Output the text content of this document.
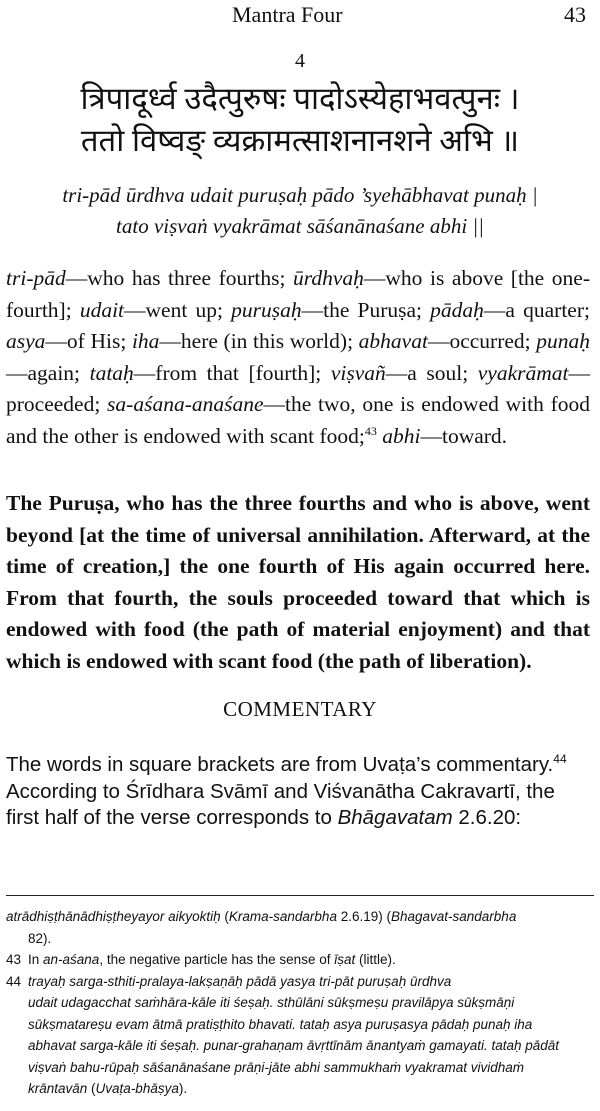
Mantra Four	43
4
त्रिपादूर्ध्व उदैत्पुरुषः पादोऽस्येहाभवत्पुनः ।
ततो विष्वङ् व्यक्रामत्साशनानशने अभि ॥
tri-pād ūrdhva udait puruṣaḥ pādo ’syehābhavat punaḥ |
tato viṣvaṅ vyakrāmat sāśanānaśane abhi ||
tri-pād—who has three fourths; ūrdhvaḥ—who is above [the one-fourth]; udait—went up; puruṣaḥ—the Puruṣa; pādaḥ—a quarter; asya—of His; iha—here (in this world); abhavat—occurred; punaḥ—again; tataḥ—from that [fourth]; viṣvañ—a soul; vyakrāmat—proceeded; sa-aśana-anaśane—the two, one is endowed with food and the other is endowed with scant food;$^{43}$ abhi—toward.
The Puruṣa, who has the three fourths and who is above, went beyond [at the time of universal annihilation. Afterward, at the time of creation,] the one fourth of His again occurred here. From that fourth, the souls proceeded toward that which is endowed with food (the path of material enjoyment) and that which is endowed with scant food (the path of liberation).
COMMENTARY
The words in square brackets are from Uvaṭa’s commentary.$^{44}$
According to Śrīdhara Svāmī and Viśvanātha Cakravartī, the
first half of the verse corresponds to Bhāgavatam 2.6.20:
atrādhiṣṭhānādhiṣṭheyayor aikyoktiḥ (Krama-sandarbha 2.6.19) (Bhagavat-sandarbha
82).
43 In an-aśana, the negative particle has the sense of īṣat (little).
44 trayaḥ sarga-sthiti-pralaya-lakṣaṇāḥ pādā yasya tri-pāt puruṣaḥ ūrdhva
udait udagacchat saṁhāra-kāle iti śeṣaḥ. sthūlāni sūkṣmeṣu pravilāpya sūkṣmāṇi
sūkṣmatareṣu evam ātmā pratiṣṭhito bhavati. tataḥ asya puruṣasya pādaḥ punaḥ iha
abhavat sarga-kāle iti śeṣaḥ. punar-grahaṇam āvṛttīnām ānantyaṁ gamayati. tataḥ pādāt
viṣvaṅ bahu-rūpaḥ sāśanānaśane prāṇi-jāte abhi sammukhaṁ vyakramat vividhaṁ
krāntavān (Uvaṭa-bhāṣya).
